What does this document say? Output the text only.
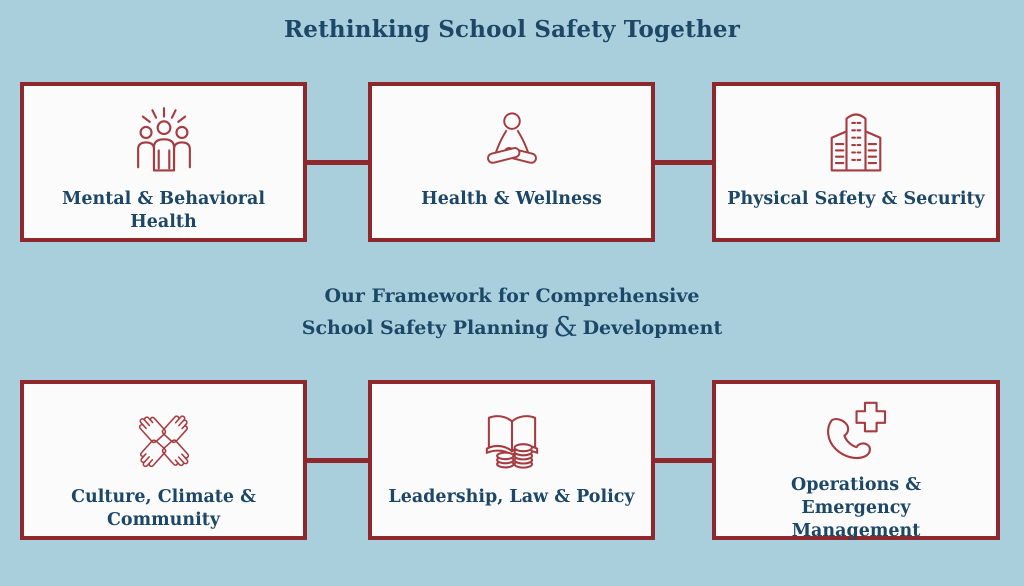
Rethinking School Safety Together
Mental & Behavioral Health
Health & Wellness	Physical Safety & Security
Culture, Climate & Community
Leadership, Law & Policy
Operations & Emergency Management
Our Framework for Comprehensive
School Safety Planning & Development
